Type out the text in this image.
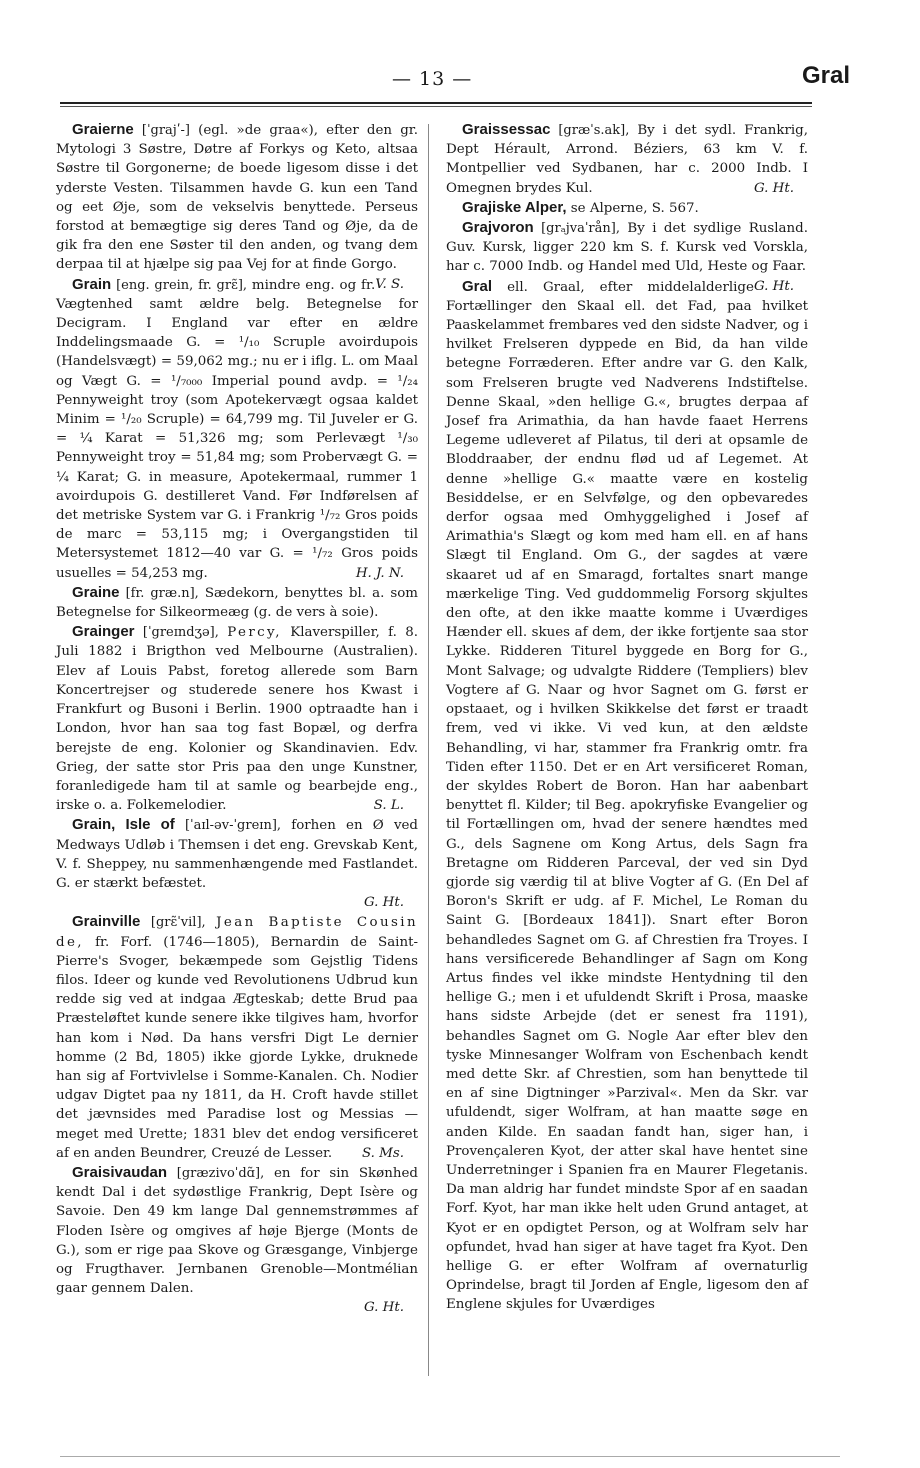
— 13 —	Gral

Graierne [ˈgrajʹ-] (egl. »de graa«), efter den gr. Mytologi 3 Søstre, Døtre af Forkys og Keto, altsaa Søstre til Gorgonerne; de boede ligesom disse i det yderste Vesten. Tilsammen havde G. kun een Tand og eet Øje, som de vekselvis benyttede. Perseus forstod at bemægtige sig deres Tand og Øje, da de gik fra den ene Søster til den anden, og tvang dem derpaa til at hjælpe sig paa Vej for at finde Gorgo.
V. S.

Grain [eng. grein, fr. grɛ̃], mindre eng. og fr. Vægtenhed samt ældre belg. Betegnelse for Decigram. I England var efter en ældre Inddelingsmaade G. = ¹/₁₀ Scruple avoirdupois (Handelsvægt) = 59,062 mg.; nu er i iflg. L. om Maal og Vægt G. = ¹/₇₀₀₀ Imperial pound avdp. = ¹/₂₄ Pennyweight troy (som Apotekervægt ogsaa kaldet Minim = ¹/₂₀ Scruple) = 64,799 mg. Til Juveler er G. = ¼ Karat = 51,326 mg; som Perlevægt ¹/₃₀ Pennyweight troy = 51,84 mg; som Probervægt G. = ¼ Karat; G. in measure, Apotekermaal, rummer 1 avoirdupois G. destilleret Vand. Før Indførelsen af det metriske System var G. i Frankrig ¹/₇₂ Gros poids de marc = 53,115 mg; i Overgangstiden til Metersystemet 1812—40 var G. = ¹/₇₂ Gros poids usuelles = 54,253 mg.	H. J. N.

Graine [fr. græ.n], Sædekorn, benyttes bl. a. som Betegnelse for Silkeormeæg (g. de vers à soie).

Grainger [ˈgreɪndʒə], Percy, Klaverspiller, f. 8. Juli 1882 i Brigthon ved Melbourne (Australien). Elev af Louis Pabst, foretog allerede som Barn Koncertrejser og studerede senere hos Kwast i Frankfurt og Busoni i Berlin. 1900 optraadte han i London, hvor han saa tog fast Bopæl, og derfra berejste de eng. Kolonier og Skandinavien. Edv. Grieg, der satte stor Pris paa den unge Kunstner, foranledigede ham til at samle og bearbejde eng., irske o. a. Folkemelodier.	S. L.

Grain, Isle of [ˈaɪl-əv-ˈgreɪn], forhen en Ø ved Medways Udløb i Themsen i det eng. Grevskab Kent, V. f. Sheppey, nu sammenhængende med Fastlandet. G. er stærkt befæstet.
G. Ht.

Grainville [grɛ̃ˈvil], Jean Baptiste Cousin de, fr. Forf. (1746—1805), Bernardin de Saint-Pierre's Svoger, bekæmpede som Gejstlig Tidens filos. Ideer og kunde ved Revolutionens Udbrud kun redde sig ved at indgaa Ægteskab; dette Brud paa Præsteløftet kunde senere ikke tilgives ham, hvorfor han kom i Nød. Da hans versfri Digt Le dernier homme (2 Bd, 1805) ikke gjorde Lykke, druknede han sig af Fortvivlelse i Somme-Kanalen. Ch. Nodier udgav Digtet paa ny 1811, da H. Croft havde stillet det jævnsides med Paradise lost og Messias — meget med Urette; 1831 blev det endog versificeret af en anden Beundrer, Creuzé de Lesser. S. Ms.

Graisivaudan [græzivoˈdɑ̃], en for sin Skønhed kendt Dal i det sydøstlige Frankrig, Dept Isère og Savoie. Den 49 km lange Dal gennemstrømmes af Floden Isère og omgives af høje Bjerge (Monts de G.), som er rige paa Skove og Græsgange, Vinbjerge og Frugthaver. Jernbanen Grenoble—Montmélian gaar gennem Dalen.
G. Ht.

Graissessac [græˈs.ak], By i det sydl. Frankrig, Dept Hérault, Arrond. Béziers, 63 km V. f. Montpellier ved Sydbanen, har c. 2000 Indb. I Omegnen brydes Kul.	G. Ht.

Grajiske Alper, se Alperne, S. 567.

Grajvoron [grₐjvaˈrån], By i det sydlige Rusland. Guv. Kursk, ligger 220 km S. f. Kursk ved Vorskla, har c. 7000 Indb. og Handel med Uld, Heste og Faar.
G. Ht.

Gral ell. Graal, efter middelalderlige Fortællinger den Skaal ell. det Fad, paa hvilket Paaskelammet frembares ved den sidste Nadver, og i hvilket Frelseren dyppede en Bid, da han vilde betegne Forræderen. Efter andre var G. den Kalk, som Frelseren brugte ved Nadverens Indstiftelse. Denne Skaal, »den hellige G.«, brugtes derpaa af Josef fra Arimathia, da han havde faaet Herrens Legeme udleveret af Pilatus, til deri at opsamle de Bloddraaber, der endnu flød ud af Legemet. At denne »hellige G.« maatte være en kostelig Besiddelse, er en Selvfølge, og den opbevaredes derfor ogsaa med Omhyggelighed i Josef af Arimathia's Slægt og kom med ham ell. en af hans Slægt til England. Om G., der sagdes at være skaaret ud af en Smaragd, fortaltes snart mange mærkelige Ting. Ved guddommelig Forsorg skjultes den ofte, at den ikke maatte komme i Uværdiges Hænder ell. skues af dem, der ikke fortjente saa stor Lykke. Ridderen Titurel byggede en Borg for G., Mont Salvage; og udvalgte Riddere (Templiers) blev Vogtere af G. Naar og hvor Sagnet om G. først er opstaaet, og i hvilken Skikkelse det først er traadt frem, ved vi ikke. Vi ved kun, at den ældste Behandling, vi har, stammer fra Frankrig omtr. fra Tiden efter 1150. Det er en Art versificeret Roman, der skyldes Robert de Boron. Han har aabenbart benyttet fl. Kilder; til Beg. apokryfiske Evangelier og til Fortællingen om, hvad der senere hændtes med G., dels Sagnene om Kong Artus, dels Sagn fra Bretagne om Ridderen Parceval, der ved sin Dyd gjorde sig værdig til at blive Vogter af G. (En Del af Boron's Skrift er udg. af F. Michel, Le Roman du Saint G. [Bordeaux 1841]). Snart efter Boron behandledes Sagnet om G. af Chrestien fra Troyes. I hans versificerede Behandlinger af Sagn om Kong Artus findes vel ikke mindste Hentydning til den hellige G.; men i et ufuldendt Skrift i Prosa, maaske hans sidste Arbejde (det er senest fra 1191), behandles Sagnet om G. Nogle Aar efter blev den tyske Minnesanger Wolfram von Eschenbach kendt med dette Skr. af Chrestien, som han benyttede til en af sine Digtninger »Parzival«. Men da Skr. var ufuldendt, siger Wolfram, at han maatte søge en anden Kilde. En saadan fandt han, siger han, i Provençaleren Kyot, der atter skal have hentet sine Underretninger i Spanien fra en Maurer Flegetanis. Da man aldrig har fundet mindste Spor af en saadan Forf. Kyot, har man ikke helt uden Grund antaget, at Kyot er en opdigtet Person, og at Wolfram selv har opfundet, hvad han siger at have taget fra Kyot. Den hellige G. er efter Wolfram af overnaturlig Oprindelse, bragt til Jorden af Engle, ligesom den af Englene skjules for Uværdiges
